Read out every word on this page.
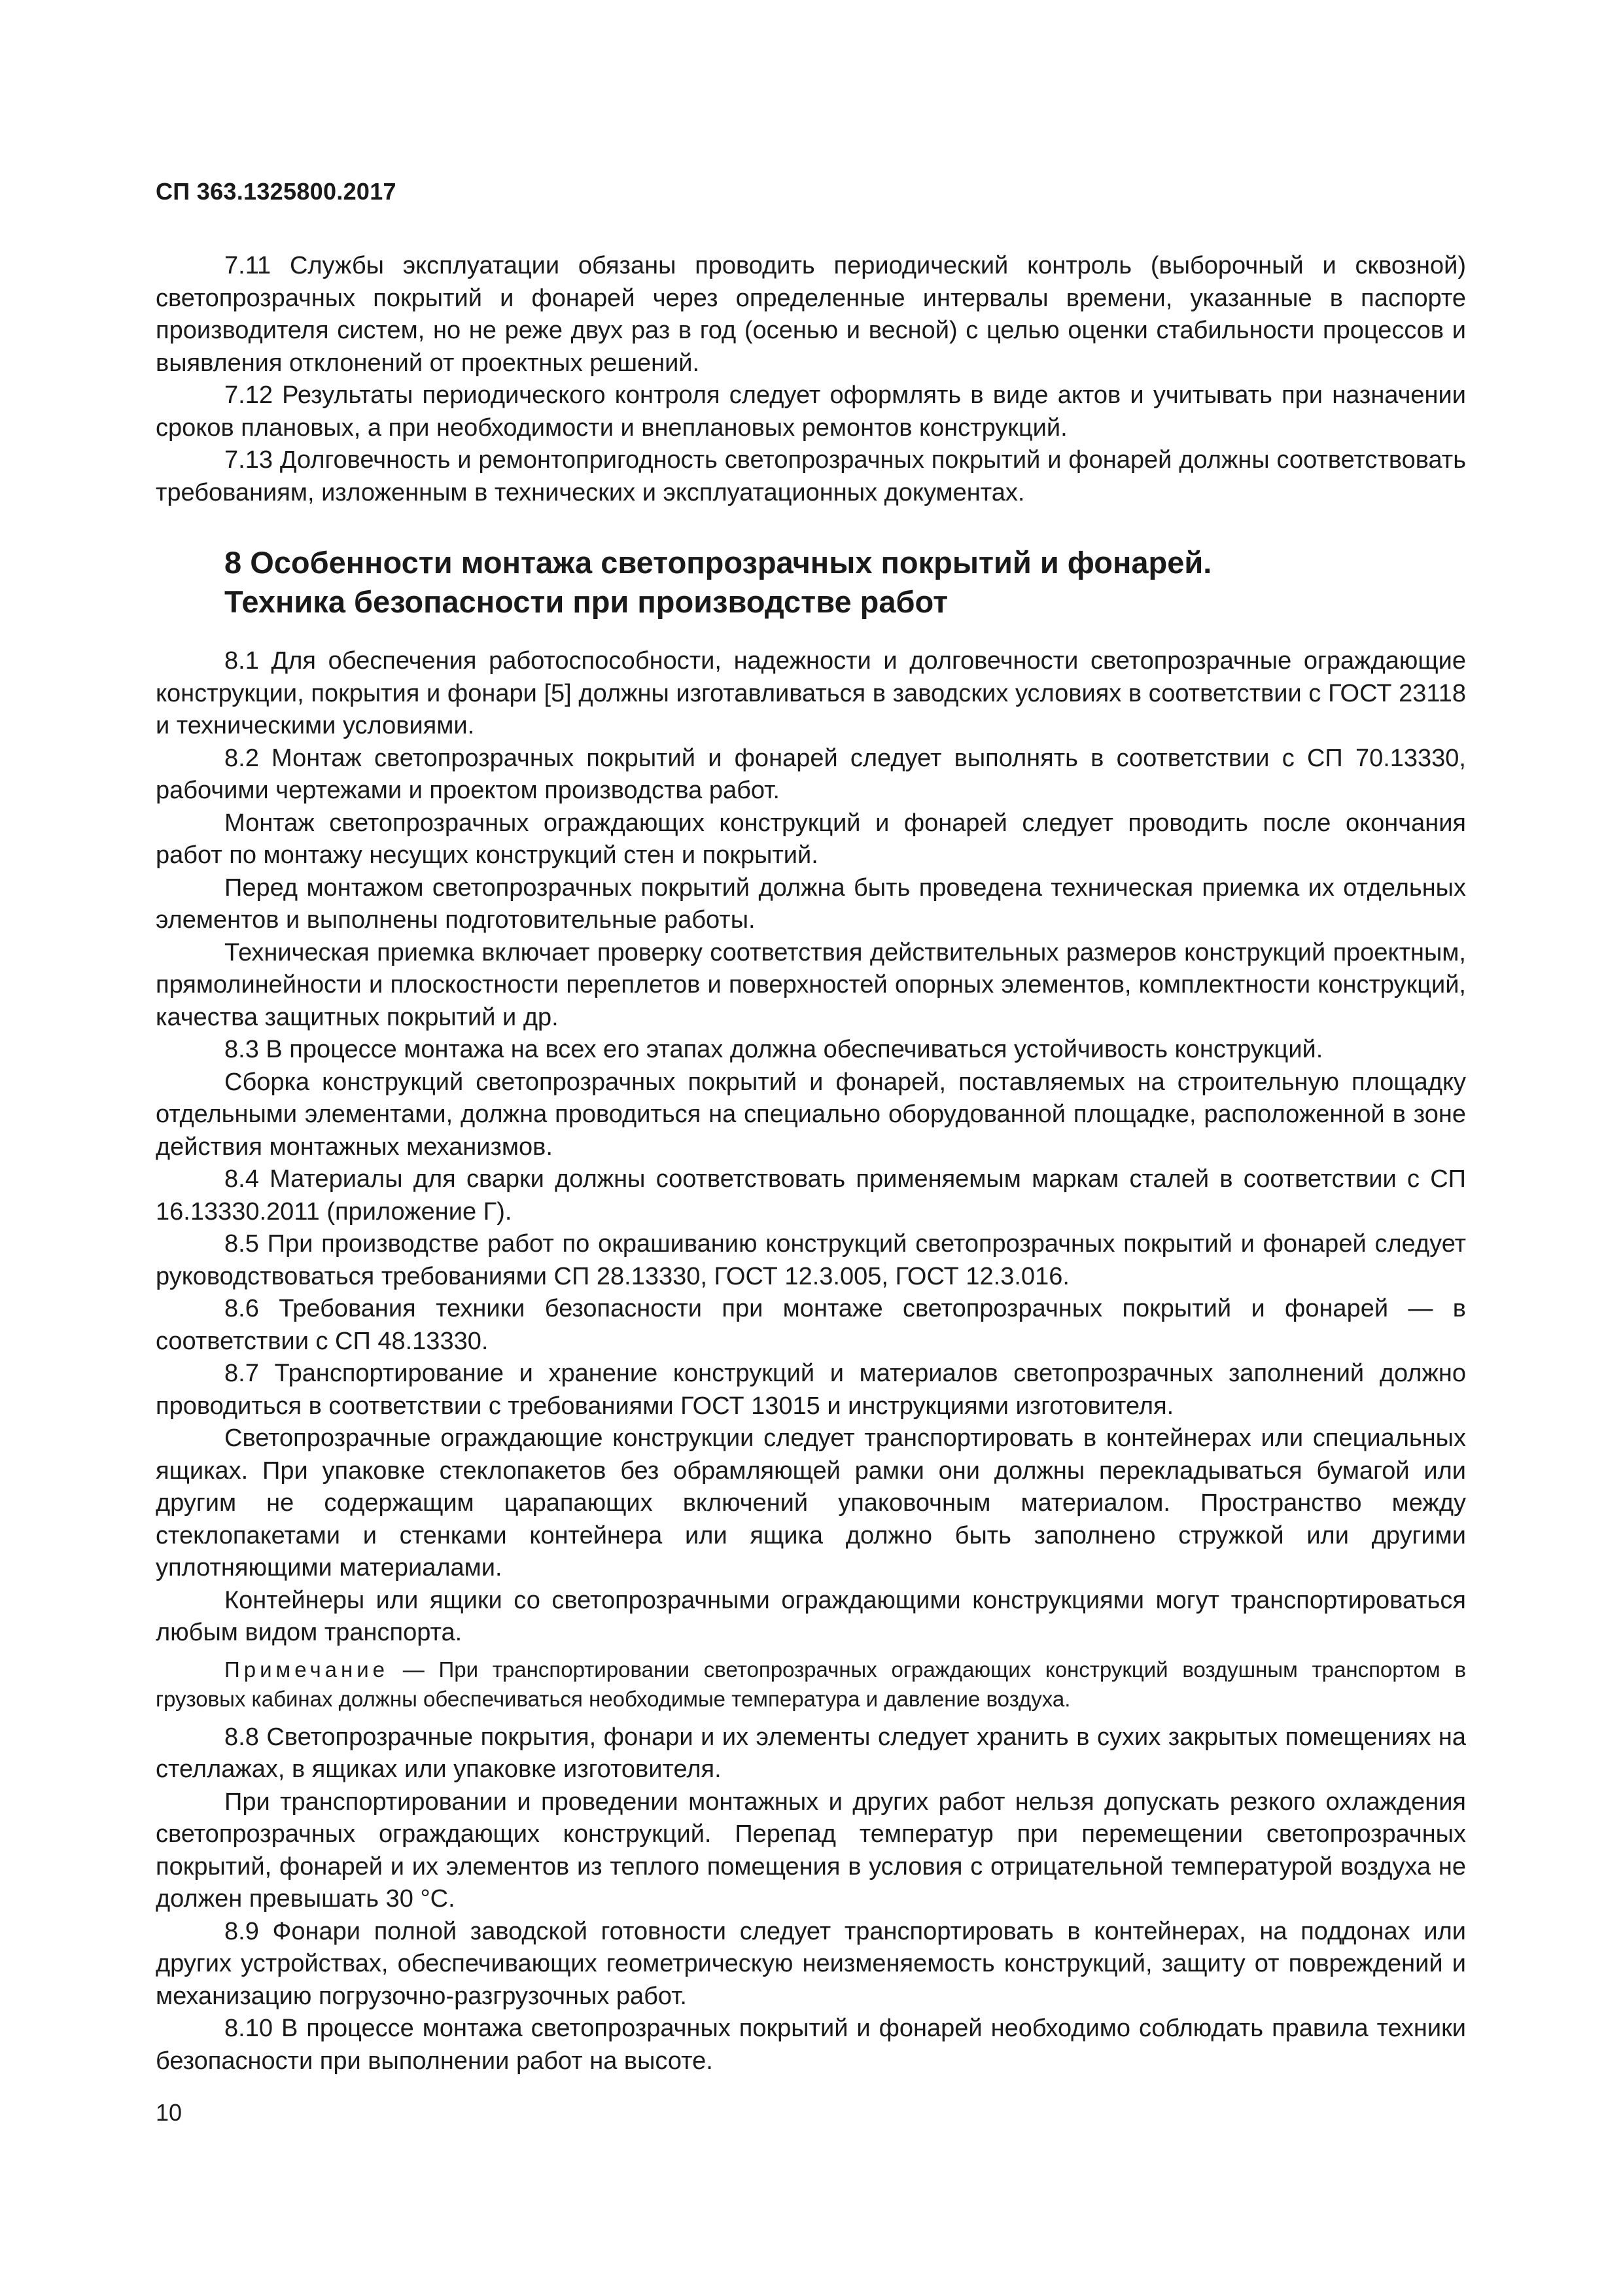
СП 363.1325800.2017

7.11 Службы эксплуатации обязаны проводить периодический контроль (выборочный и сквозной) светопрозрачных покрытий и фонарей через определенные интервалы времени, указанные в паспорте производителя систем, но не реже двух раз в год (осенью и весной) с целью оценки стабильности процессов и выявления отклонений от проектных решений.

7.12 Результаты периодического контроля следует оформлять в виде актов и учитывать при назначении сроков плановых, а при необходимости и внеплановых ремонтов конструкций.

7.13 Долговечность и ремонтопригодность светопрозрачных покрытий и фонарей должны соответствовать требованиям, изложенным в технических и эксплуатационных документах.

8 Особенности монтажа светопрозрачных покрытий и фонарей.
Техника безопасности при производстве работ

8.1 Для обеспечения работоспособности, надежности и долговечности светопрозрачные ограждающие конструкции, покрытия и фонари [5] должны изготавливаться в заводских условиях в соответствии с ГОСТ 23118 и техническими условиями.

8.2 Монтаж светопрозрачных покрытий и фонарей следует выполнять в соответствии с СП 70.13330, рабочими чертежами и проектом производства работ.

Монтаж светопрозрачных ограждающих конструкций и фонарей следует проводить после окончания работ по монтажу несущих конструкций стен и покрытий.

Перед монтажом светопрозрачных покрытий должна быть проведена техническая приемка их отдельных элементов и выполнены подготовительные работы.

Техническая приемка включает проверку соответствия действительных размеров конструкций проектным, прямолинейности и плоскостности переплетов и поверхностей опорных элементов, комплектности конструкций, качества защитных покрытий и др.

8.3 В процессе монтажа на всех его этапах должна обеспечиваться устойчивость конструкций.

Сборка конструкций светопрозрачных покрытий и фонарей, поставляемых на строительную площадку отдельными элементами, должна проводиться на специально оборудованной площадке, расположенной в зоне действия монтажных механизмов.

8.4 Материалы для сварки должны соответствовать применяемым маркам сталей в соответствии с СП 16.13330.2011 (приложение Г).

8.5 При производстве работ по окрашиванию конструкций светопрозрачных покрытий и фонарей следует руководствоваться требованиями СП 28.13330, ГОСТ 12.3.005, ГОСТ 12.3.016.

8.6 Требования техники безопасности при монтаже светопрозрачных покрытий и фонарей — в соответствии с СП 48.13330.

8.7 Транспортирование и хранение конструкций и материалов светопрозрачных заполнений должно проводиться в соответствии с требованиями ГОСТ 13015 и инструкциями изготовителя.

Светопрозрачные ограждающие конструкции следует транспортировать в контейнерах или специальных ящиках. При упаковке стеклопакетов без обрамляющей рамки они должны перекладываться бумагой или другим не содержащим царапающих включений упаковочным материалом. Пространство между стеклопакетами и стенками контейнера или ящика должно быть заполнено стружкой или другими уплотняющими материалами.

Контейнеры или ящики со светопрозрачными ограждающими конструкциями могут транспортироваться любым видом транспорта.

Примечание — При транспортировании светопрозрачных ограждающих конструкций воздушным транспортом в грузовых кабинах должны обеспечиваться необходимые температура и давление воздуха.

8.8 Светопрозрачные покрытия, фонари и их элементы следует хранить в сухих закрытых помещениях на стеллажах, в ящиках или упаковке изготовителя.

При транспортировании и проведении монтажных и других работ нельзя допускать резкого охлаждения светопрозрачных ограждающих конструкций. Перепад температур при перемещении светопрозрачных покрытий, фонарей и их элементов из теплого помещения в условия с отрицательной температурой воздуха не должен превышать 30 °С.

8.9 Фонари полной заводской готовности следует транспортировать в контейнерах, на поддонах или других устройствах, обеспечивающих геометрическую неизменяемость конструкций, защиту от повреждений и механизацию погрузочно-разгрузочных работ.

8.10 В процессе монтажа светопрозрачных покрытий и фонарей необходимо соблюдать правила техники безопасности при выполнении работ на высоте.

10
